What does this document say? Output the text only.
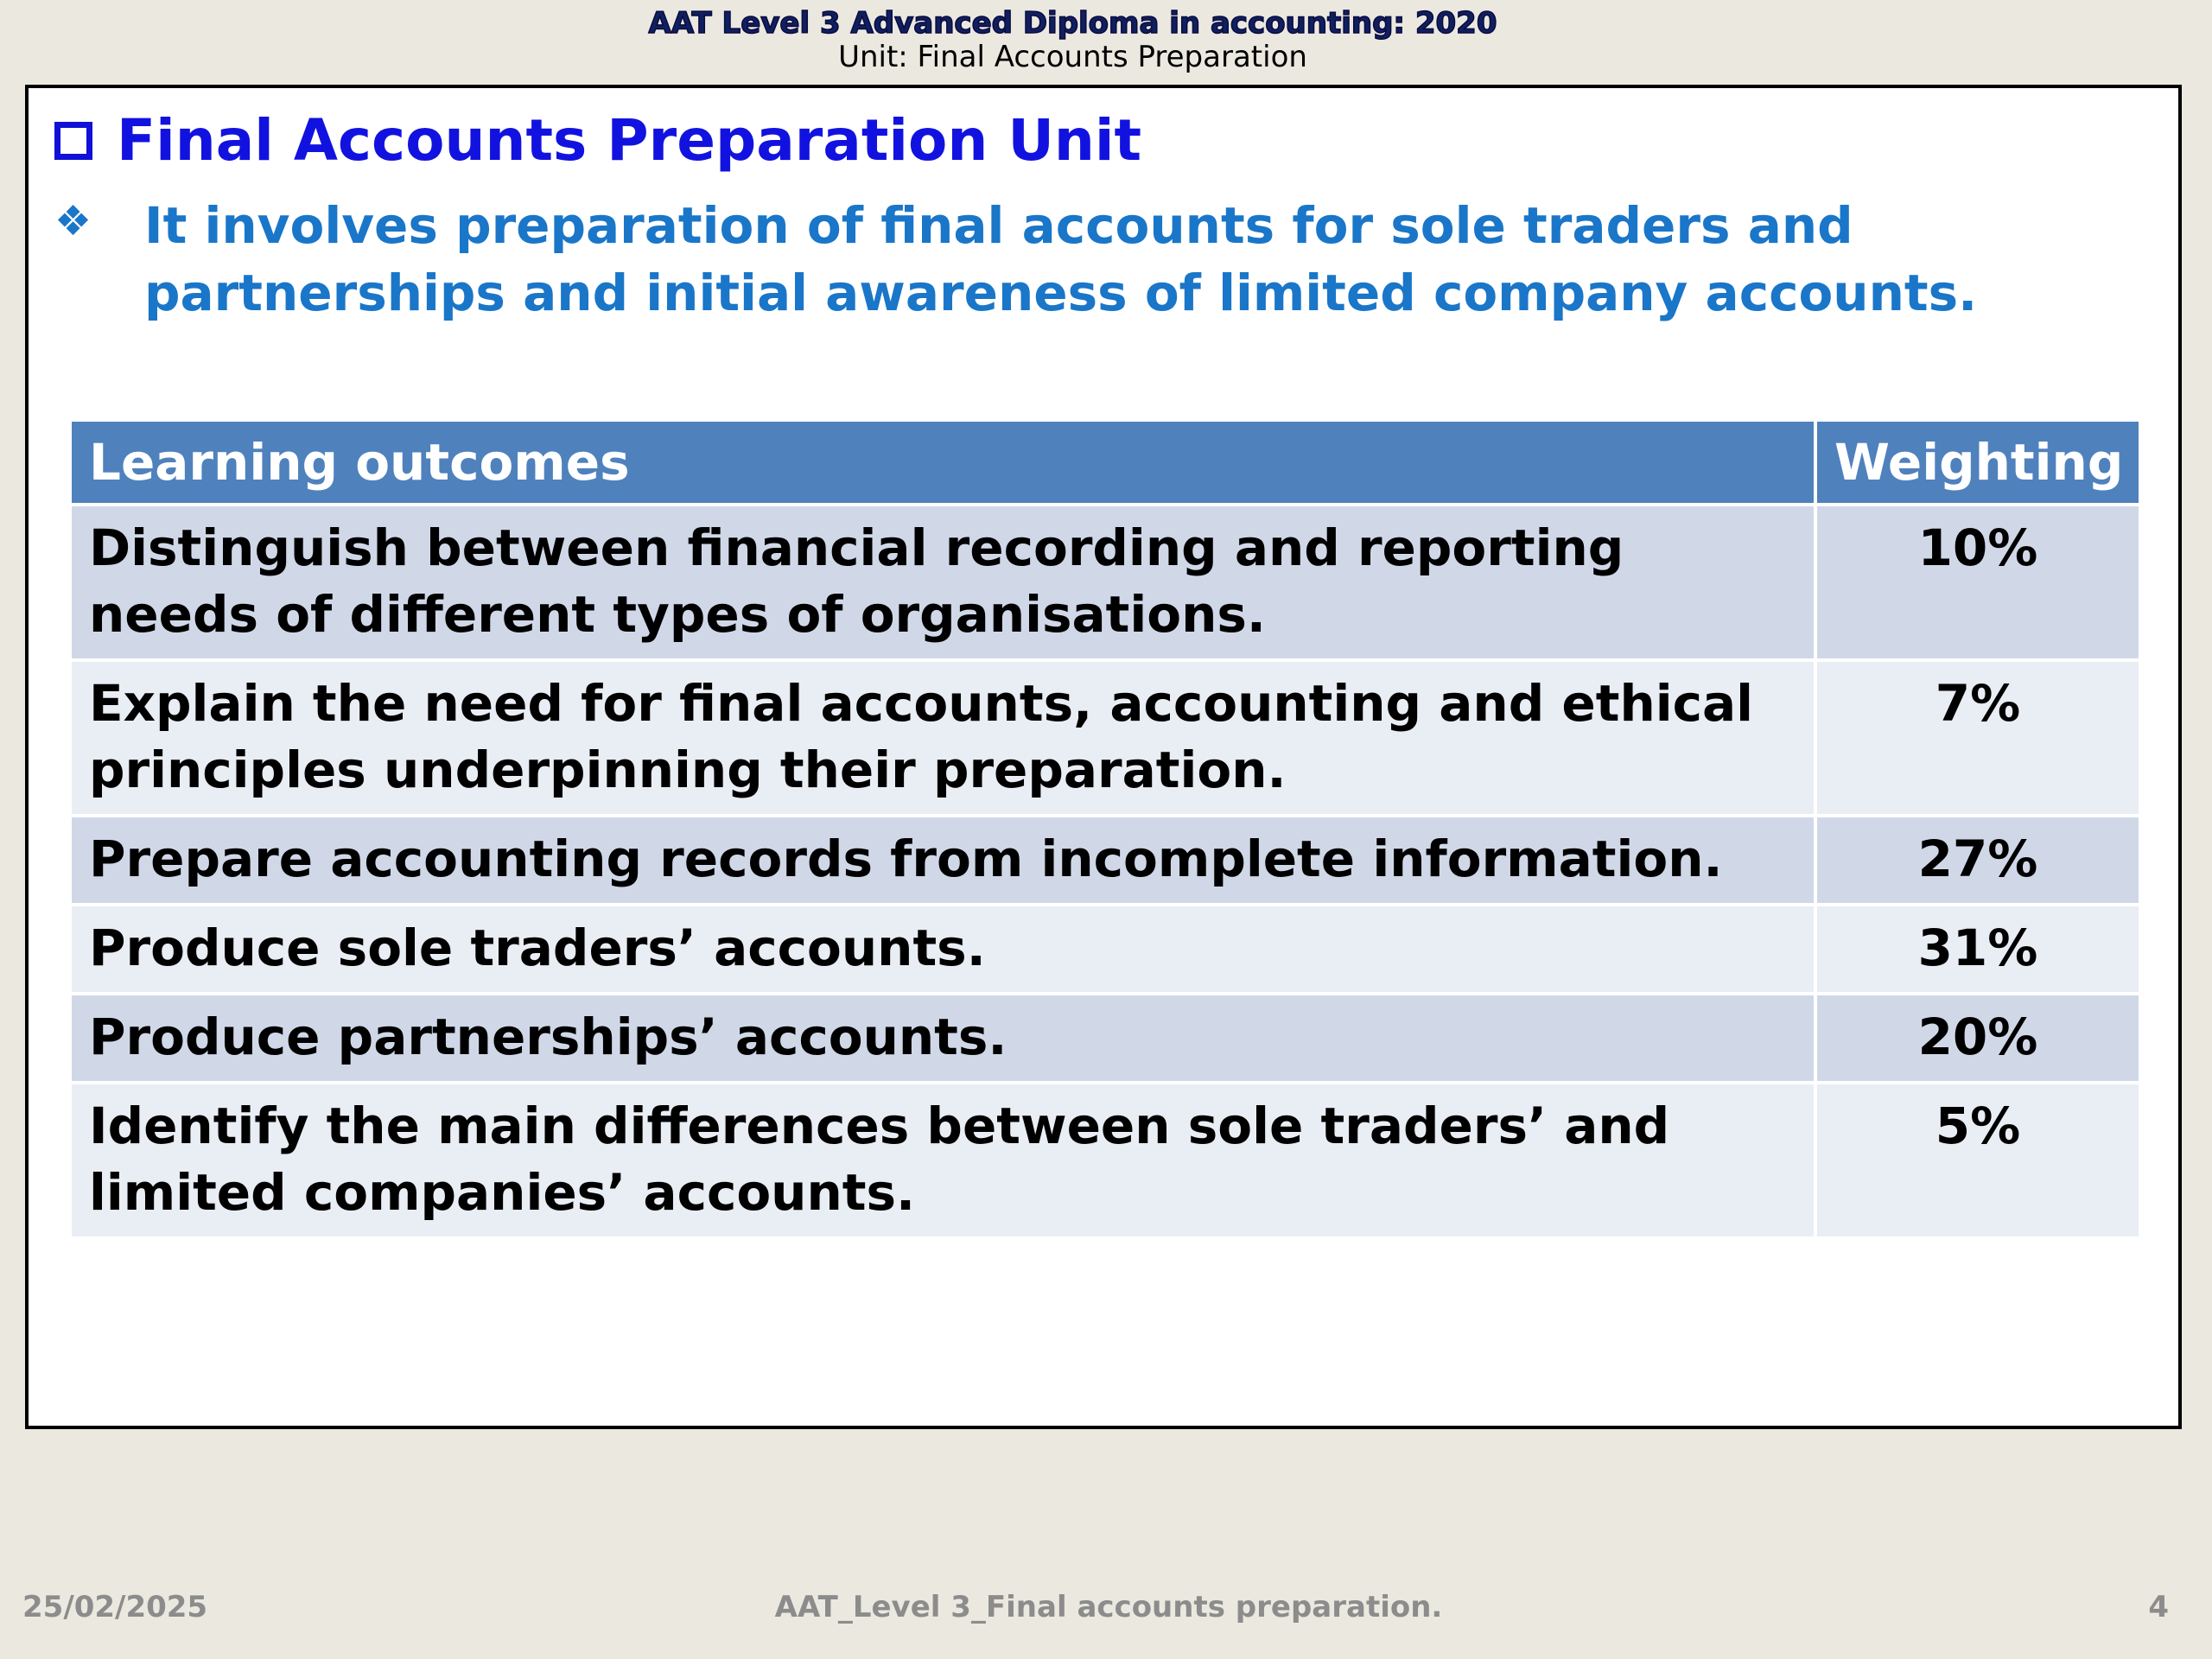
AAT Level 3 Advanced Diploma in accounting: 2020
Unit: Final Accounts Preparation
Final Accounts Preparation Unit
❖ It involves preparation of final accounts for sole traders and partnerships and initial awareness of limited company accounts.
Learning outcomes	Weighting
Distinguish between financial recording and reporting needs of different types of organisations.	10%
Explain the need for final accounts, accounting and ethical principles underpinning their preparation.	7%
Prepare accounting records from incomplete information.	27%
Produce sole traders’ accounts.	31%
Produce partnerships’ accounts.	20%
Identify the main differences between sole traders’ and limited companies’ accounts.	5%
25/02/2025	AAT_Level 3_Final accounts preparation.	4
